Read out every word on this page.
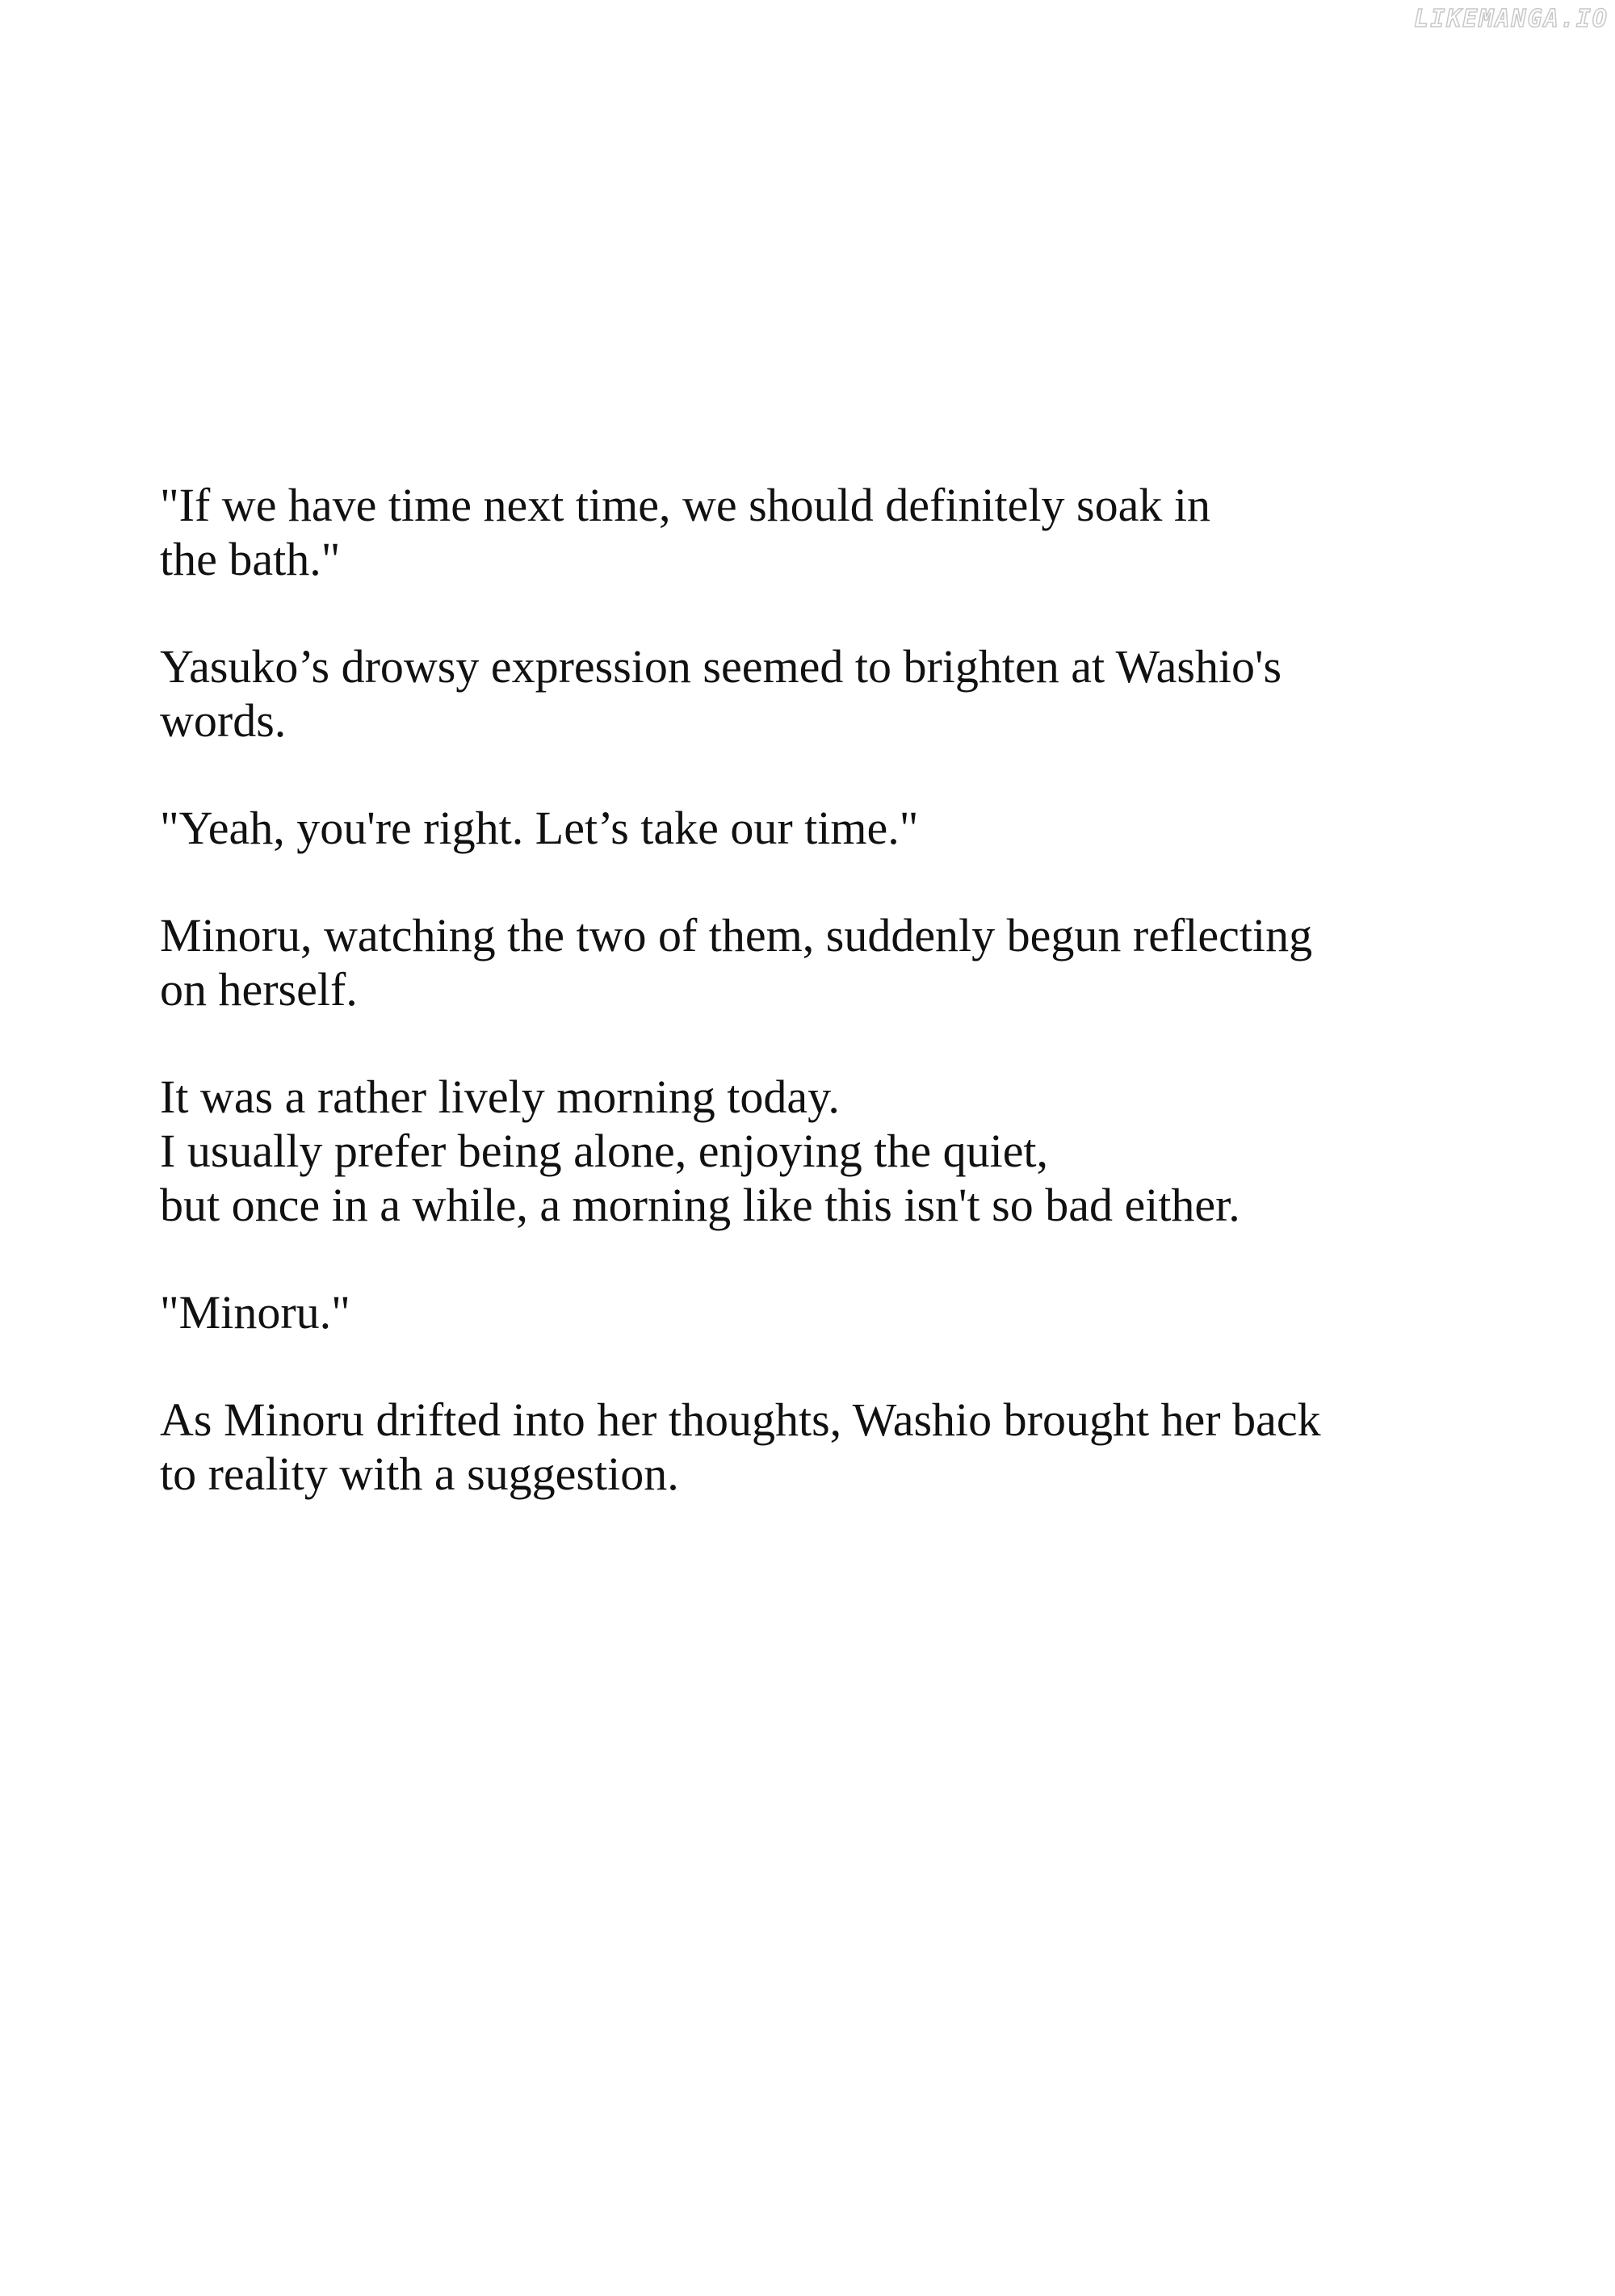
LIKEMANGA.IO

"If we have time next time, we should definitely soak in
the bath."

Yasuko’s drowsy expression seemed to brighten at Washio's
words.

"Yeah, you're right. Let’s take our time."

Minoru, watching the two of them, suddenly begun reflecting
on herself.

It was a rather lively morning today.
I usually prefer being alone, enjoying the quiet,
but once in a while, a morning like this isn't so bad either.

"Minoru."

As Minoru drifted into her thoughts, Washio brought her back
to reality with a suggestion.
